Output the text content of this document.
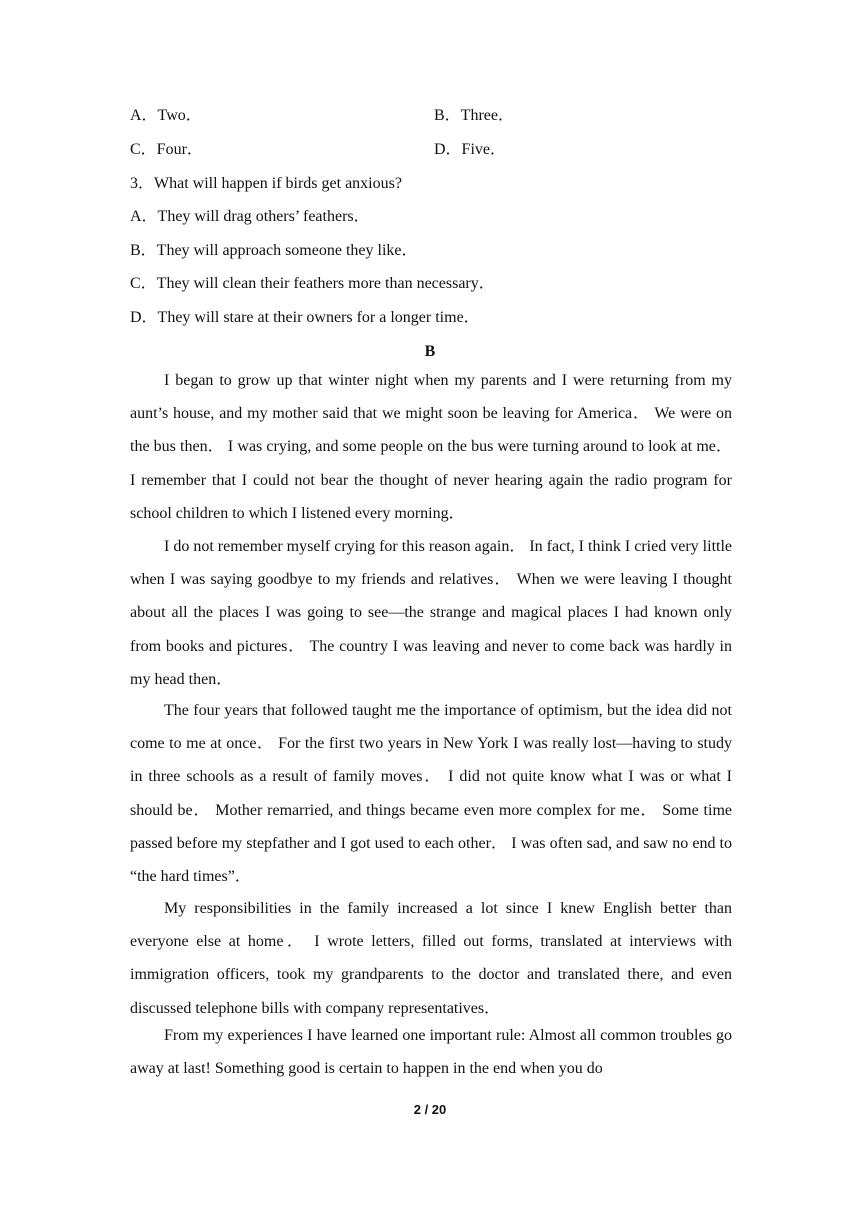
A．Two．	B．Three．
C．Four．	D．Five．
3．What will happen if birds get anxious?
A．They will drag others’ feathers．
B．They will approach someone they like．
C．They will clean their feathers more than necessary．
D．They will stare at their owners for a longer time．
B
I began to grow up that winter night when my parents and I were returning from my aunt’s house, and my mother said that we might soon be leaving for America． We were on the bus then． I was crying, and some people on the bus were turning around to look at me． I remember that I could not bear the thought of never hearing again the radio program for school children to which I listened every morning．
I do not remember myself crying for this reason again． In fact, I think I cried very little when I was saying goodbye to my friends and relatives． When we were leaving I thought about all the places I was going to see—the strange and magical places I had known only from books and pictures． The country I was leaving and never to come back was hardly in my head then．
The four years that followed taught me the importance of optimism, but the idea did not come to me at once． For the first two years in New York I was really lost—having to study in three schools as a result of family moves． I did not quite know what I was or what I should be． Mother remarried, and things became even more complex for me． Some time passed before my stepfather and I got used to each other． I was often sad, and saw no end to “the hard times”．
My responsibilities in the family increased a lot since I knew English better than everyone else at home． I wrote letters, filled out forms, translated at interviews with immigration officers, took my grandparents to the doctor and translated there, and even discussed telephone bills with company representatives．
From my experiences I have learned one important rule: Almost all common troubles go away at last! Something good is certain to happen in the end when you do
2 / 20
